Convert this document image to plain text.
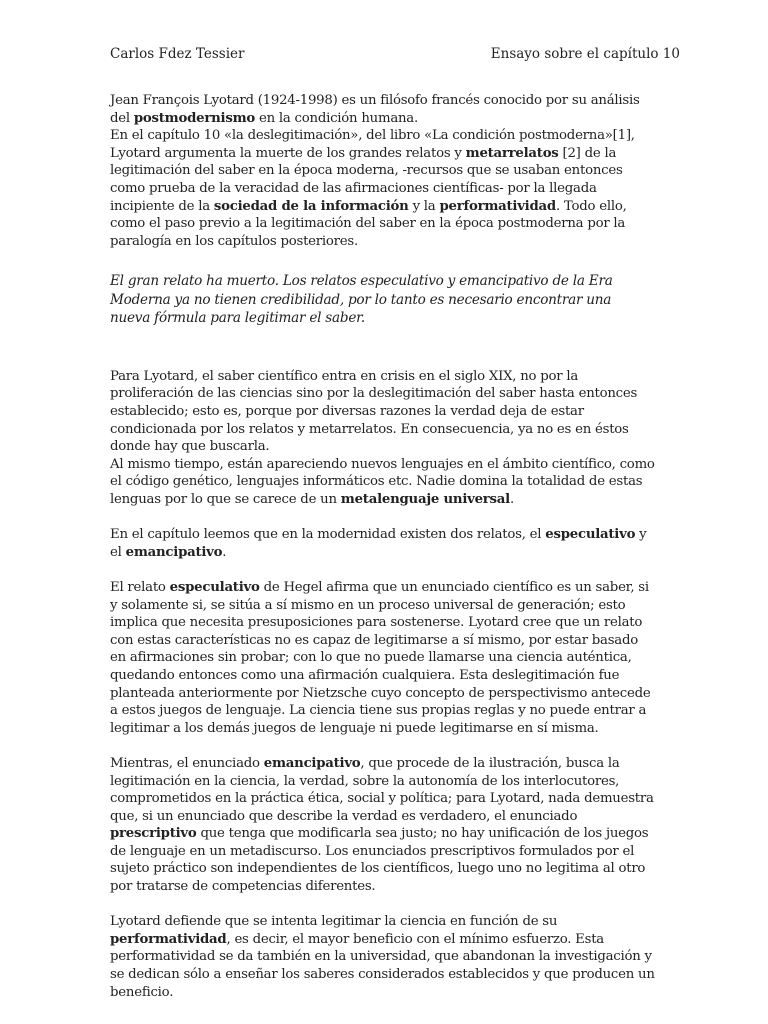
Carlos Fdez Tessier	Ensayo sobre el capítulo 10

Jean François Lyotard (1924-1998) es un filósofo francés conocido por su análisis del postmodernismo en la condición humana.

En el capítulo 10 «la deslegitimación», del libro «La condición postmoderna»[1], Lyotard argumenta la muerte de los grandes relatos y metarrelatos [2] de la legitimación del saber en la época moderna, -recursos que se usaban entonces como prueba de la veracidad de las afirmaciones científicas- por la llegada incipiente de la sociedad de la información y la performatividad. Todo ello, como el paso previo a la legitimación del saber en la época postmoderna por la paralogía en los capítulos posteriores.

El gran relato ha muerto. Los relatos especulativo y emancipativo de la Era Moderna ya no tienen credibilidad, por lo tanto es necesario encontrar una nueva fórmula para legitimar el saber.

Para Lyotard, el saber científico entra en crisis en el siglo XIX, no por la proliferación de las ciencias sino por la deslegitimación del saber hasta entonces establecido; esto es, porque por diversas razones la verdad deja de estar condicionada por los relatos y metarrelatos. En consecuencia, ya no es en éstos donde hay que buscarla.

Al mismo tiempo, están apareciendo nuevos lenguajes en el ámbito científico, como el código genético, lenguajes informáticos etc. Nadie domina la totalidad de estas lenguas por lo que se carece de un metalenguaje universal.

En el capítulo leemos que en la modernidad existen dos relatos, el especulativo y el emancipativo.

El relato especulativo de Hegel afirma que un enunciado científico es un saber, si y solamente si, se sitúa a sí mismo en un proceso universal de generación; esto implica que necesita presuposiciones para sostenerse. Lyotard cree que un relato con estas características no es capaz de legitimarse a sí mismo, por estar basado en afirmaciones sin probar; con lo que no puede llamarse una ciencia auténtica, quedando entonces como una afirmación cualquiera. Esta deslegitimación fue planteada anteriormente por Nietzsche cuyo concepto de perspectivismo antecede a estos juegos de lenguaje. La ciencia tiene sus propias reglas y no puede entrar a legitimar a los demás juegos de lenguaje ni puede legitimarse en sí misma.

Mientras, el enunciado emancipativo, que procede de la ilustración, busca la legitimación en la ciencia, la verdad, sobre la autonomía de los interlocutores, comprometidos en la práctica ética, social y política; para Lyotard, nada demuestra que, si un enunciado que describe la verdad es verdadero, el enunciado prescriptivo que tenga que modificarla sea justo; no hay unificación de los juegos de lenguaje en un metadiscurso. Los enunciados prescriptivos formulados por el sujeto práctico son independientes de los científicos, luego uno no legitima al otro por tratarse de competencias diferentes.

Lyotard defiende que se intenta legitimar la ciencia en función de su performatividad, es decir, el mayor beneficio con el mínimo esfuerzo. Esta performatividad se da también en la universidad, que abandonan la investigación y se dedican sólo a enseñar los saberes considerados establecidos y que producen un beneficio.
